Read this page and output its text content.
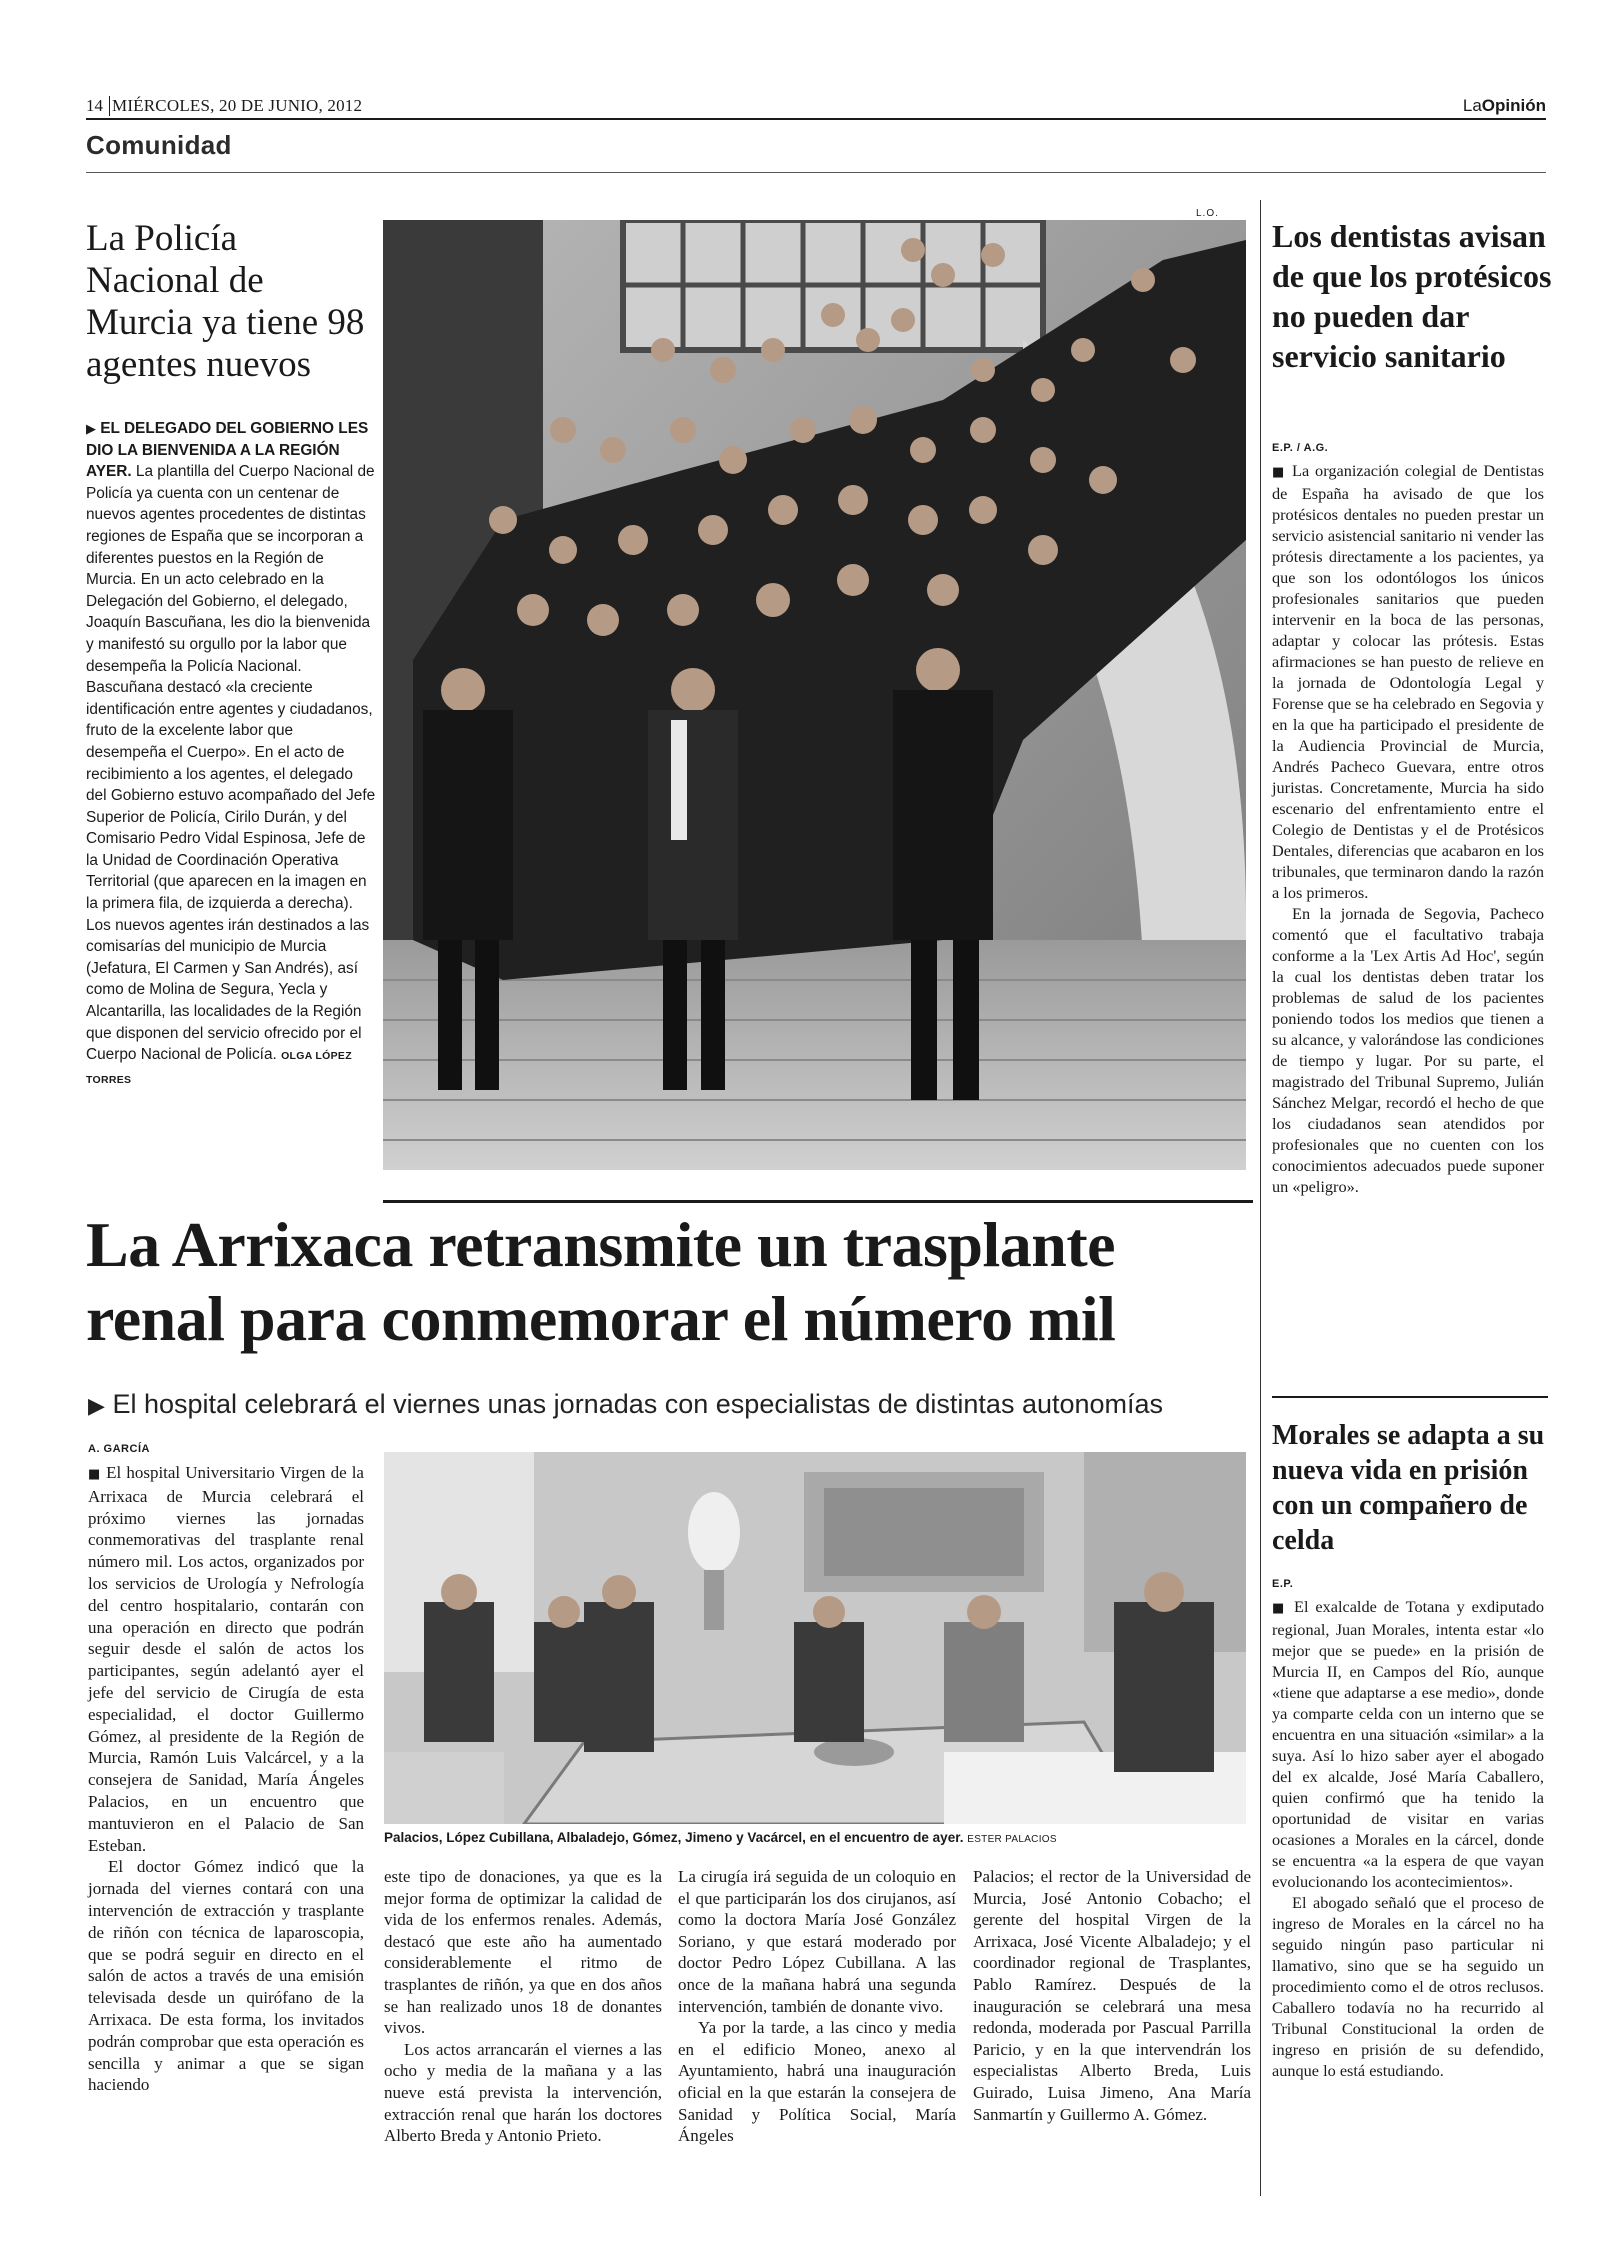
14 MIÉRCOLES, 20 DE JUNIO, 2012	LaOpinión
Comunidad
La Policía Nacional de Murcia ya tiene 98 agentes nuevos
▶ EL DELEGADO DEL GOBIERNO LES DIO LA BIENVENIDA A LA REGIÓN AYER. La plantilla del Cuerpo Nacional de Policía ya cuenta con un centenar de nuevos agentes procedentes de distintas regiones de España que se incorporan a diferentes puestos en la Región de Murcia. En un acto celebrado en la Delegación del Gobierno, el delegado, Joaquín Bascuñana, les dio la bienvenida y manifestó su orgullo por la labor que desempeña la Policía Nacional. Bascuñana destacó «la creciente identificación entre agentes y ciudadanos, fruto de la excelente labor que desempeña el Cuerpo». En el acto de recibimiento a los agentes, el delegado del Gobierno estuvo acompañado del Jefe Superior de Policía, Cirilo Durán, y del Comisario Pedro Vidal Espinosa, Jefe de la Unidad de Coordinación Operativa Territorial (que aparecen en la imagen en la primera fila, de izquierda a derecha). Los nuevos agentes irán destinados a las comisarías del municipio de Murcia (Jefatura, El Carmen y San Andrés), así como de Molina de Segura, Yecla y Alcantarilla, las localidades de la Región que disponen del servicio ofrecido por el Cuerpo Nacional de Policía. OLGA LÓPEZ TORRES
L.O.
Los dentistas avisan de que los protésicos no pueden dar servicio sanitario
E.P. / A.G.

■ La organización colegial de Dentistas de España ha avisado de que los protésicos dentales no pueden prestar un servicio asistencial sanitario ni vender las prótesis directamente a los pacientes, ya que son los odontólogos los únicos profesionales sanitarios que pueden intervenir en la boca de las personas, adaptar y colocar las prótesis. Estas afirmaciones se han puesto de relieve en la jornada de Odontología Legal y Forense que se ha celebrado en Segovia y en la que ha participado el presidente de la Audiencia Provincial de Murcia, Andrés Pacheco Guevara, entre otros juristas. Concretamente, Murcia ha sido escenario del enfrentamiento entre el Colegio de Dentistas y el de Protésicos Dentales, diferencias que acabaron en los tribunales, que terminaron dando la razón a los primeros.

En la jornada de Segovia, Pacheco comentó que el facultativo trabaja conforme a la 'Lex Artis Ad Hoc', según la cual los dentistas deben tratar los problemas de salud de los pacientes poniendo todos los medios que tienen a su alcance, y valorándose las condiciones de tiempo y lugar. Por su parte, el magistrado del Tribunal Supremo, Julián Sánchez Melgar, recordó el hecho de que los ciudadanos sean atendidos por profesionales que no cuenten con los conocimientos adecuados puede suponer un «peligro».

Morales se adapta a su nueva vida en prisión con un compañero de celda
E.P.

■ El exalcalde de Totana y exdiputado regional, Juan Morales, intenta estar «lo mejor que se puede» en la prisión de Murcia II, en Campos del Río, aunque «tiene que adaptarse a ese medio», donde ya comparte celda con un interno que se encuentra en una situación «similar» a la suya. Así lo hizo saber ayer el abogado del ex alcalde, José María Caballero, quien confirmó que ha tenido la oportunidad de visitar en varias ocasiones a Morales en la cárcel, donde se encuentra «a la espera de que vayan evolucionando los acontecimientos».

El abogado señaló que el proceso de ingreso de Morales en la cárcel no ha seguido ningún paso particular ni llamativo, sino que se ha seguido un procedimiento como el de otros reclusos. Caballero todavía no ha recurrido al Tribunal Constitucional la orden de ingreso en prisión de su defendido, aunque lo está estudiando.

La Arrixaca retransmite un trasplante renal para conmemorar el número mil
▶ El hospital celebrará el viernes unas jornadas con especialistas de distintas autonomías
A. GARCÍA

■ El hospital Universitario Virgen de la Arrixaca de Murcia celebrará el próximo viernes las jornadas conmemorativas del trasplante renal número mil. Los actos, organizados por los servicios de Urología y Nefrología del centro hospitalario, contarán con una operación en directo que podrán seguir desde el salón de actos los participantes, según adelantó ayer el jefe del servicio de Cirugía de esta especialidad, el doctor Guillermo Gómez, al presidente de la Región de Murcia, Ramón Luis Valcárcel, y a la consejera de Sanidad, María Ángeles Palacios, en un encuentro que mantuvieron en el Palacio de San Esteban.

El doctor Gómez indicó que la jornada del viernes contará con una intervención de extracción y trasplante de riñón con técnica de laparoscopia, que se podrá seguir en directo en el salón de actos a través de una emisión televisada desde un quirófano de la Arrixaca. De esta forma, los invitados podrán comprobar que esta operación es sencilla y animar a que se sigan haciendo

Palacios, López Cubillana, Albaladejo, Gómez, Jimeno y Vacárcel, en el encuentro de ayer. ESTER PALACIOS

este tipo de donaciones, ya que es la mejor forma de optimizar la calidad de vida de los enfermos renales. Además, destacó que este año ha aumentado considerablemente el ritmo de trasplantes de riñón, ya que en dos años se han realizado unos 18 de donantes vivos.

Los actos arrancarán el viernes a las ocho y media de la mañana y a las nueve está prevista la intervención, extracción renal que harán los doctores Alberto Breda y Antonio Prieto.

La cirugía irá seguida de un coloquio en el que participarán los dos cirujanos, así como la doctora María José González Soriano, y que estará moderado por doctor Pedro López Cubillana. A las once de la mañana habrá una segunda intervención, también de donante vivo.

Ya por la tarde, a las cinco y media en el edificio Moneo, anexo al Ayuntamiento, habrá una inauguración oficial en la que estarán la consejera de Sanidad y Política Social, María Ángeles

Palacios; el rector de la Universidad de Murcia, José Antonio Cobacho; el gerente del hospital Virgen de la Arrixaca, José Vicente Albaladejo; y el coordinador regional de Trasplantes, Pablo Ramírez. Después de la inauguración se celebrará una mesa redonda, moderada por Pascual Parrilla Paricio, y en la que intervendrán los especialistas Alberto Breda, Luis Guirado, Luisa Jimeno, Ana María Sanmartín y Guillermo A. Gómez.
